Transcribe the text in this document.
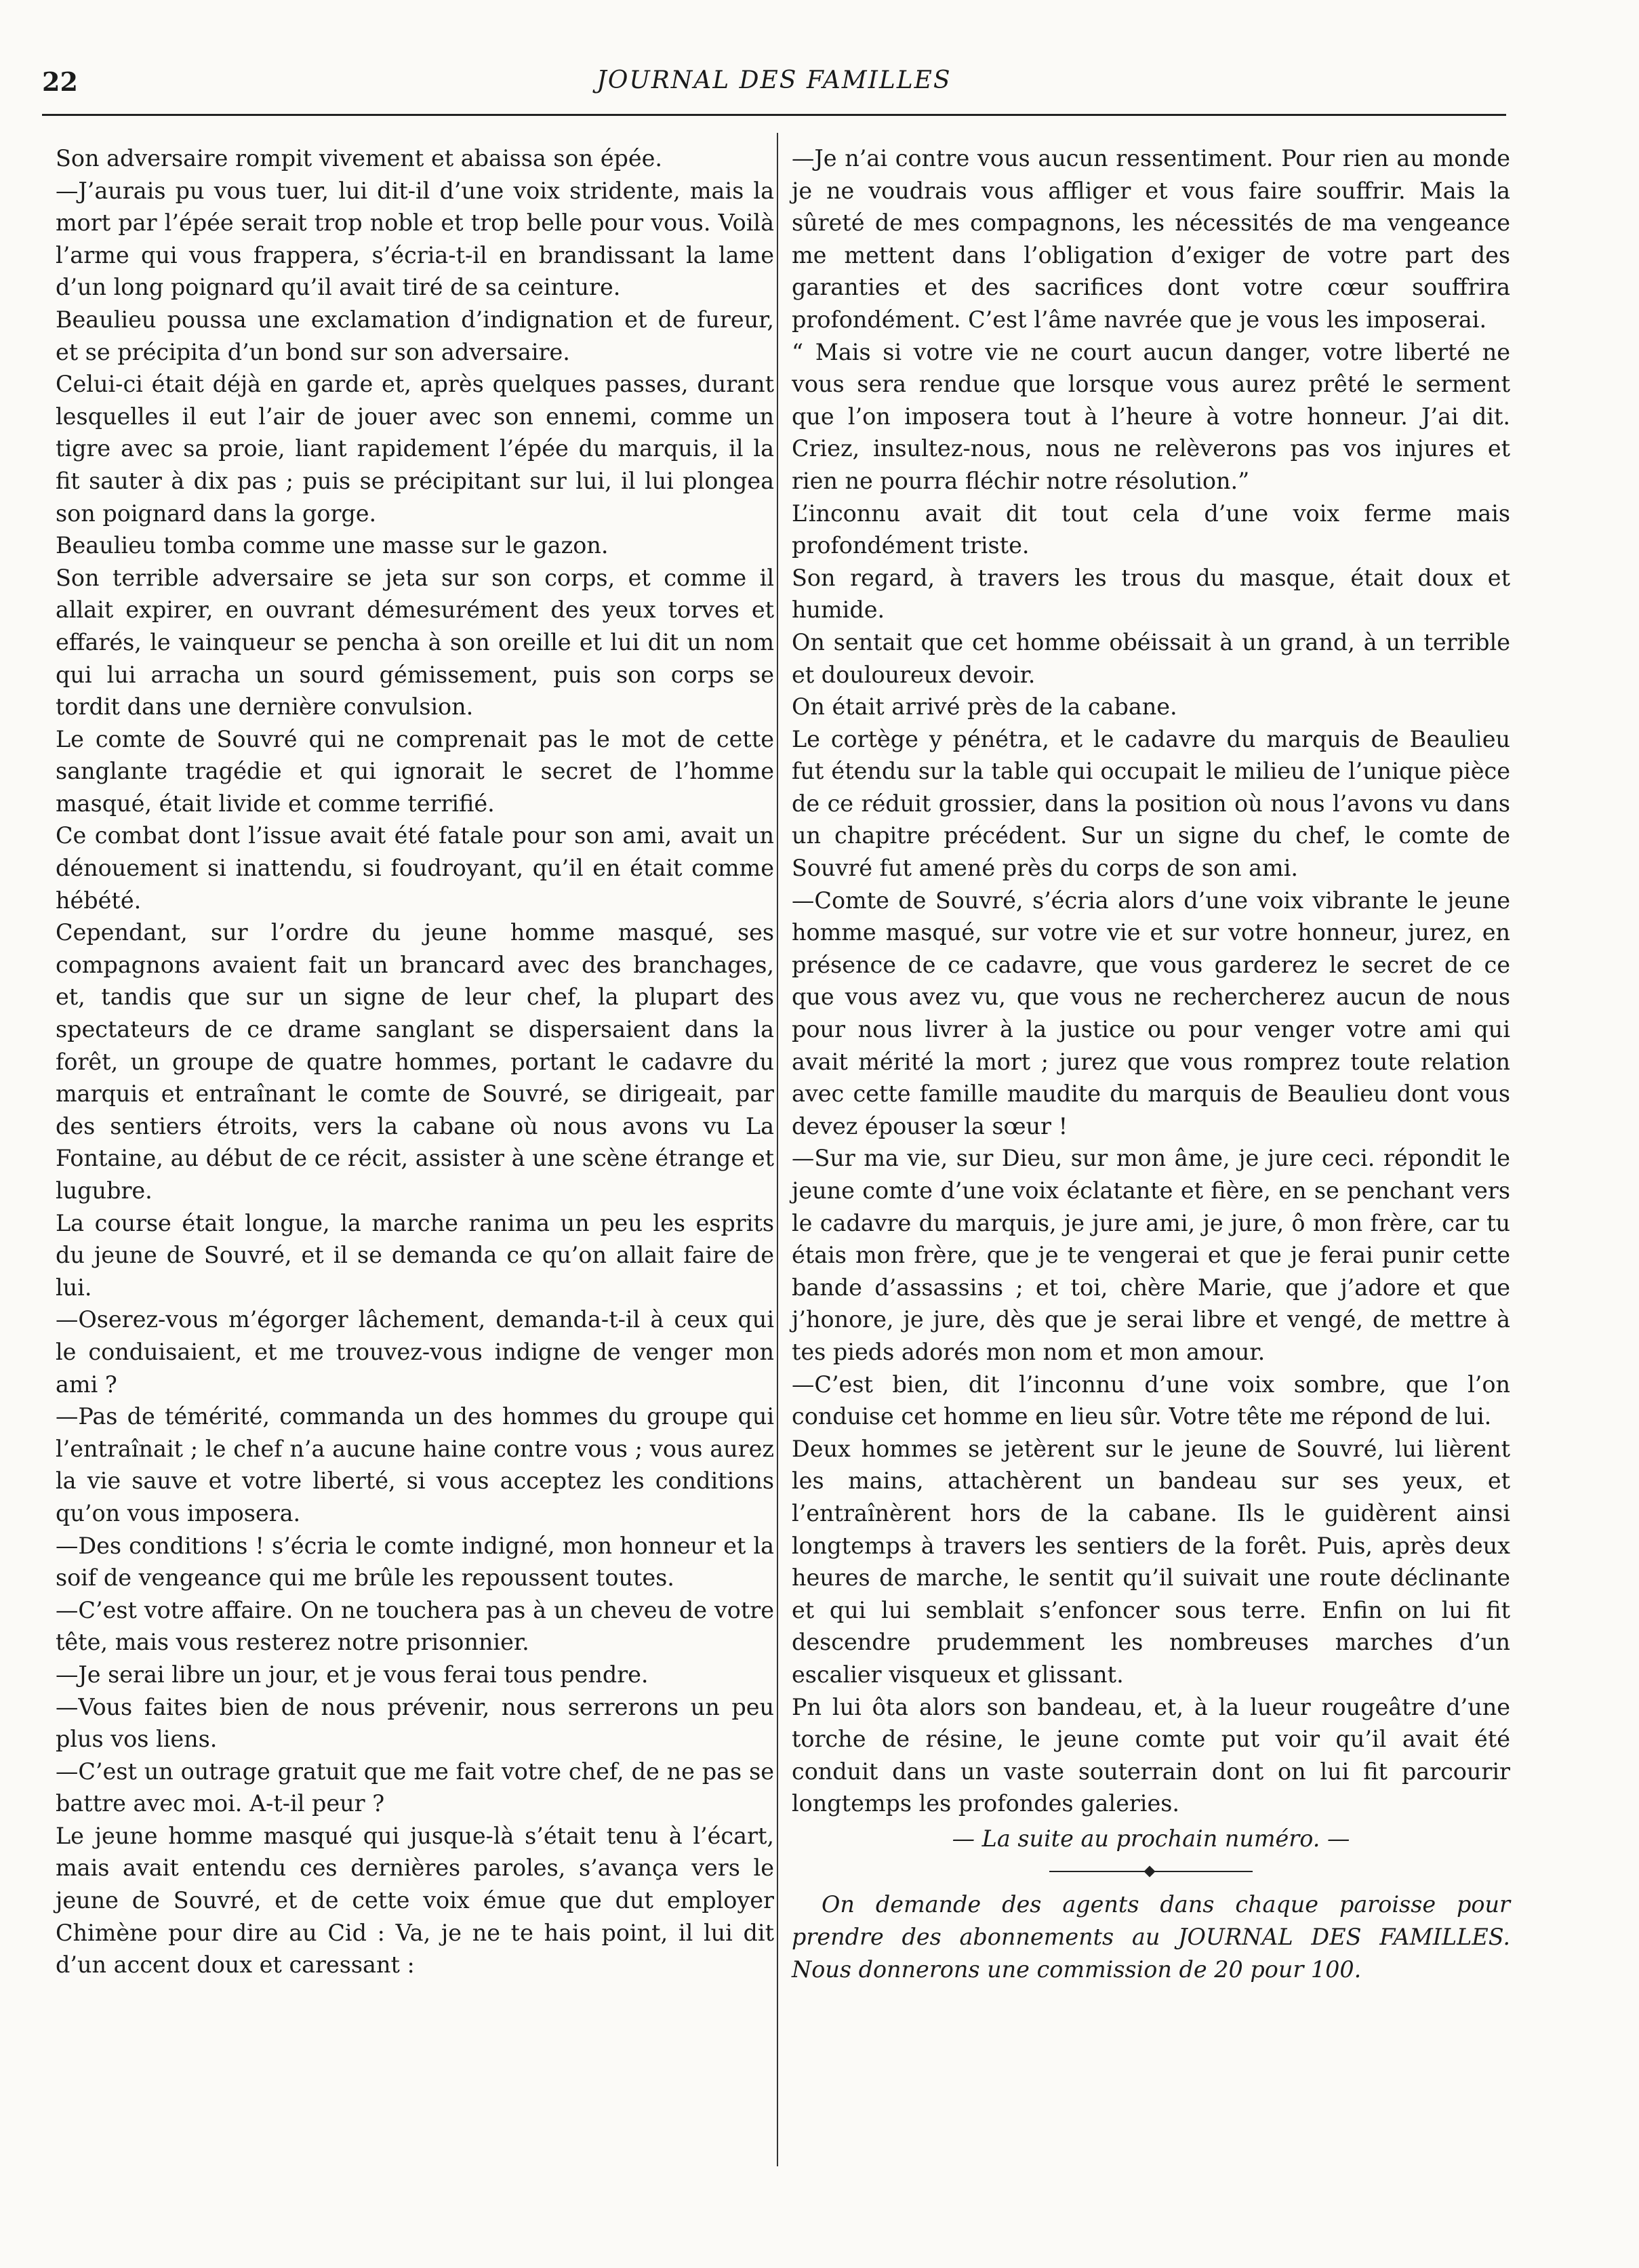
22	JOURNAL DES FAMILLES

Son adversaire rompit vivement et abaissa son épée.

—J’aurais pu vous tuer, lui dit-il d’une voix stridente, mais la mort par l’épée serait trop noble et trop belle pour vous. Voilà l’arme qui vous frappera, s’écria-t-il en brandissant la lame d’un long poignard qu’il avait tiré de sa ceinture.

Beaulieu poussa une exclamation d’indignation et de fureur, et se précipita d’un bond sur son adversaire.

Celui-ci était déjà en garde et, après quelques passes, durant lesquelles il eut l’air de jouer avec son ennemi, comme un tigre avec sa proie, liant rapidement l’épée du marquis, il la fit sauter à dix pas ; puis se précipitant sur lui, il lui plongea son poignard dans la gorge.

Beaulieu tomba comme une masse sur le gazon.

Son terrible adversaire se jeta sur son corps, et comme il allait expirer, en ouvrant démesurément des yeux torves et effarés, le vainqueur se pencha à son oreille et lui dit un nom qui lui arracha un sourd gémissement, puis son corps se tordit dans une dernière convulsion.

Le comte de Souvré qui ne comprenait pas le mot de cette sanglante tragédie et qui ignorait le secret de l’homme masqué, était livide et comme terrifié.

Ce combat dont l’issue avait été fatale pour son ami, avait un dénouement si inattendu, si foudroyant, qu’il en était comme hébété.

Cependant, sur l’ordre du jeune homme masqué, ses compagnons avaient fait un brancard avec des branchages, et, tandis que sur un signe de leur chef, la plupart des spectateurs de ce drame sanglant se dispersaient dans la forêt, un groupe de quatre hommes, portant le cadavre du marquis et entraînant le comte de Souvré, se dirigeait, par des sentiers étroits, vers la cabane où nous avons vu La Fontaine, au début de ce récit, assister à une scène étrange et lugubre.

La course était longue, la marche ranima un peu les esprits du jeune de Souvré, et il se demanda ce qu’on allait faire de lui.

—Oserez-vous m’égorger lâchement, demanda-t-il à ceux qui le conduisaient, et me trouvez-vous indigne de venger mon ami ?

—Pas de témérité, commanda un des hommes du groupe qui l’entraînait ; le chef n’a aucune haine contre vous ; vous aurez la vie sauve et votre liberté, si vous acceptez les conditions qu’on vous imposera.

—Des conditions ! s’écria le comte indigné, mon honneur et la soif de vengeance qui me brûle les repoussent toutes.

—C’est votre affaire. On ne touchera pas à un cheveu de votre tête, mais vous resterez notre prisonnier.

—Je serai libre un jour, et je vous ferai tous pendre.

—Vous faites bien de nous prévenir, nous serrerons un peu plus vos liens.

—C’est un outrage gratuit que me fait votre chef, de ne pas se battre avec moi. A-t-il peur ?

Le jeune homme masqué qui jusque-là s’était tenu à l’écart, mais avait entendu ces dernières paroles, s’avança vers le jeune de Souvré, et de cette voix émue que dut employer Chimène pour dire au Cid : Va, je ne te hais point, il lui dit d’un accent doux et caressant :

—Je n’ai contre vous aucun ressentiment. Pour rien au monde je ne voudrais vous affliger et vous faire souffrir. Mais la sûreté de mes compagnons, les nécessités de ma vengeance me mettent dans l’obligation d’exiger de votre part des garanties et des sacrifices dont votre cœur souffrira profondément. C’est l’âme navrée que je vous les imposerai.

“ Mais si votre vie ne court aucun danger, votre liberté ne vous sera rendue que lorsque vous aurez prêté le serment que l’on imposera tout à l’heure à votre honneur. J’ai dit. Criez, insultez-nous, nous ne relèverons pas vos injures et rien ne pourra fléchir notre résolution.”

L’inconnu avait dit tout cela d’une voix ferme mais profondément triste.

Son regard, à travers les trous du masque, était doux et humide.

On sentait que cet homme obéissait à un grand, à un terrible et douloureux devoir.

On était arrivé près de la cabane.

Le cortège y pénétra, et le cadavre du marquis de Beaulieu fut étendu sur la table qui occupait le milieu de l’unique pièce de ce réduit grossier, dans la position où nous l’avons vu dans un chapitre précédent. Sur un signe du chef, le comte de Souvré fut amené près du corps de son ami.

—Comte de Souvré, s’écria alors d’une voix vibrante le jeune homme masqué, sur votre vie et sur votre honneur, jurez, en présence de ce cadavre, que vous garderez le secret de ce que vous avez vu, que vous ne rechercherez aucun de nous pour nous livrer à la justice ou pour venger votre ami qui avait mérité la mort ; jurez que vous romprez toute relation avec cette famille maudite du marquis de Beaulieu dont vous devez épouser la sœur !

—Sur ma vie, sur Dieu, sur mon âme, je jure ceci. répondit le jeune comte d’une voix éclatante et fière, en se penchant vers le cadavre du marquis, je jure ami, je jure, ô mon frère, car tu étais mon frère, que je te vengerai et que je ferai punir cette bande d’assassins ; et toi, chère Marie, que j’adore et que j’honore, je jure, dès que je serai libre et vengé, de mettre à tes pieds adorés mon nom et mon amour.

—C’est bien, dit l’inconnu d’une voix sombre, que l’on conduise cet homme en lieu sûr. Votre tête me répond de lui.

Deux hommes se jetèrent sur le jeune de Souvré, lui lièrent les mains, attachèrent un bandeau sur ses yeux, et l’entraînèrent hors de la cabane. Ils le guidèrent ainsi longtemps à travers les sentiers de la forêt. Puis, après deux heures de marche, le sentit qu’il suivait une route déclinante et qui lui semblait s’enfoncer sous terre. Enfin on lui fit descendre prudemment les nombreuses marches d’un escalier visqueux et glissant.

Pn lui ôta alors son bandeau, et, à la lueur rougeâtre d’une torche de résine, le jeune comte put voir qu’il avait été conduit dans un vaste souterrain dont on lui fit parcourir longtemps les profondes galeries.

— La suite au prochain numéro. —

On demande des agents dans chaque paroisse pour prendre des abonnements au JOURNAL DES FAMILLES. Nous donnerons une commission de 20 pour 100.
